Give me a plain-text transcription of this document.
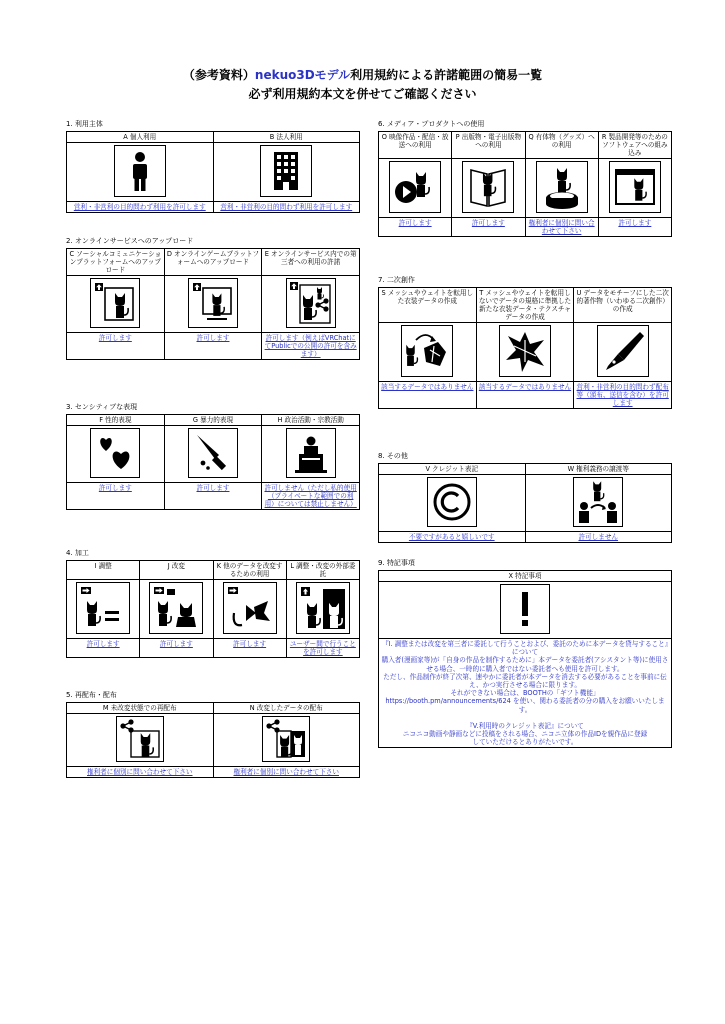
（参考資料）nekuo3Dモデル利用規約による許諾範囲の簡易一覧
必ず利用規約本文を併せてご確認ください
1. 利用主体
A 個人利用	B 法人利用

営利・非営利の目的問わず利用を許可します	営利・非営利の目的問わず利用を許可します
2. オンラインサービスへのアップロード
C ソーシャルコミュニケーションプラットフォームへのアップロード	D オンラインゲームプラットフォームへのアップロード	E オンラインサービス内での第三者への利用の許諾

許可します	許可します	許可します（例えばVRChatにてPublicでの公開の許可を含みます）
3. センシティブな表現
F 性的表現	G 暴力的表現	H 政治活動・宗教活動

許可します	許可します	許可しません（ただし私的使用（プライベートな範囲での利用）については禁止しません）
4. 加工
I 調整	J 改変	K 他のデータを改変するための利用	L 調整・改変の外部委託

許可します	許可します	許可します	ユーザー間で行うことを許可します
5. 再配布・配布
M 未改変状態での再配布	N 改変したデータの配布

権利者に個別に問い合わせて下さい	権利者に個別に問い合わせて下さい
6. メディア・プロダクトへの使用
O 映像作品・配信・放送への利用	P 出版物・電子出版物への利用	Q 有体物（グッズ）への利用	R 製品開発等のためのソフトウェアへの組み込み

許可します	許可します	権利者に個別に問い合わせて下さい	許可します
7. 二次創作
S メッシュやウェイトを転用した衣装データの作成	T メッシュやウェイトを転用しないでデータの規格に準拠した新たな衣装データ・テクスチャデータの作成	U データをモチーフにした二次的著作物（いわゆる二次創作）の作成

該当するデータではありません	該当するデータではありません	営利・非営利の目的問わず配布等（頒布、送信を含む）を許可します
8. その他
V クレジット表記	W 権利義務の譲渡等

不要ですがあると嬉しいです	許可しません
9. 特記事項
X 特記事項

『I. 調整または改変を第三者に委託して行うことおよび、委託のために本データを貸与すること』について
購入者(漫画家等)が「自身の作品を制作するために」本データを委託者(アシスタント等)に使用させる場合、一時的に購入者ではない委託者へも使用を許可します。
ただし、作品制作が終了次第、速やかに委託者が本データを消去する必要があることを事前に伝え、かつ実行させる場合に限ります。
それができない場合は、BOOTHの「ギフト機能」
https://booth.pm/announcements/624 を使い、関わる委託者の分の購入をお願いいたします。
『V.利用時のクレジット表記』について
ニコニコ動画や静画などに投稿をされる場合、ニコニ立体の作品IDを親作品に登録
していただけるとありがたいです。
